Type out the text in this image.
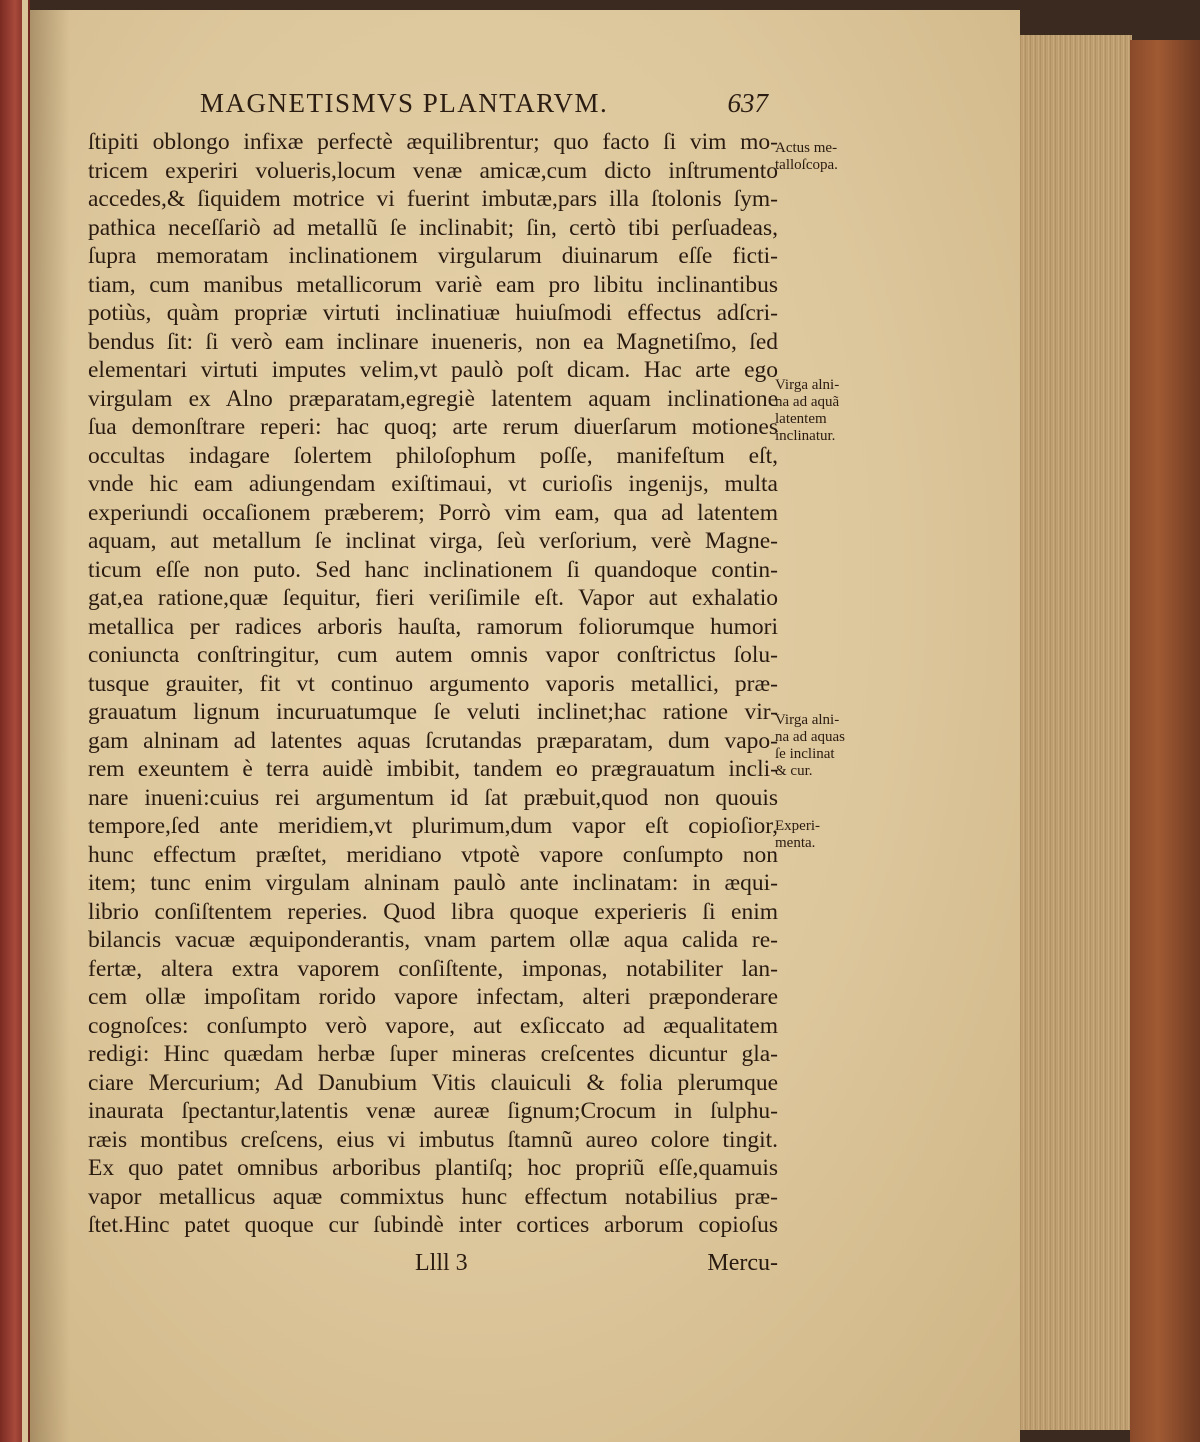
MAGNETISMVS PLANTARVM.	637
ſtipiti oblongo infixæ perfectè æquilibrentur; quo facto ſi vim mo-
tricem experiri volueris,locum venæ amicæ,cum dicto inſtrumento
accedes,& ſiquidem motrice vi fuerint imbutæ,pars illa ſtolonis ſym-
pathica neceſſariò ad metallũ ſe inclinabit; ſin, certò tibi perſuadeas,
ſupra memoratam inclinationem virgularum diuinarum eſſe ficti-
tiam, cum manibus metallicorum variè eam pro libitu inclinantibus
potiùs, quàm propriæ virtuti inclinatiuæ huiuſmodi effectus adſcri-
bendus ſit: ſi verò eam inclinare inueneris, non ea Magnetiſmo, ſed
elementari virtuti imputes velim,vt paulò poſt dicam. Hac arte ego
virgulam ex Alno præparatam,egregiè latentem aquam inclinatione
ſua demonſtrare reperi: hac quoq; arte rerum diuerſarum motiones
occultas indagare ſolertem philoſophum poſſe, manifeſtum eſt,
vnde hic eam adiungendam exiſtimaui, vt curioſis ingenijs, multa
experiundi occaſionem præberem; Porrò vim eam, qua ad latentem
aquam, aut metallum ſe inclinat virga, ſeù verſorium, verè Magne-
ticum eſſe non puto. Sed hanc inclinationem ſi quandoque contin-
gat,ea ratione,quæ ſequitur, fieri veriſimile eſt. Vapor aut exhalatio
metallica per radices arboris hauſta, ramorum foliorumque humori
coniuncta conſtringitur, cum autem omnis vapor conſtrictus ſolu-
tusque grauiter, fit vt continuo argumento vaporis metallici, præ-
grauatum lignum incuruatumque ſe veluti inclinet;hac ratione vir-
gam alninam ad latentes aquas ſcrutandas præparatam, dum vapo-
rem exeuntem è terra auidè imbibit, tandem eo prægrauatum incli-
nare inueni:cuius rei argumentum id ſat præbuit,quod non quouis
tempore,ſed ante meridiem,vt plurimum,dum vapor eſt copioſior,
hunc effectum præſtet, meridiano vtpotè vapore conſumpto non
item; tunc enim virgulam alninam paulò ante inclinatam: in æqui-
librio conſiſtentem reperies. Quod libra quoque experieris ſi enim
bilancis vacuæ æquiponderantis, vnam partem ollæ aqua calida re-
fertæ, altera extra vaporem conſiſtente, imponas, notabiliter lan-
cem ollæ impoſitam rorido vapore infectam, alteri præponderare
cognoſces: conſumpto verò vapore, aut exſiccato ad æqualitatem
redigi: Hinc quædam herbæ ſuper mineras creſcentes dicuntur gla-
ciare Mercurium; Ad Danubium Vitis clauiculi & folia plerumque
inaurata ſpectantur,latentis venæ aureæ ſignum;Crocum in ſulphu-
ræis montibus creſcens, eius vi imbutus ſtamnũ aureo colore tingit.
Ex quo patet omnibus arboribus plantiſq; hoc propriũ eſſe,quamuis
vapor metallicus aquæ commixtus hunc effectum notabilius præ-
ſtet.Hinc patet quoque cur ſubindè inter cortices arborum copioſus
Llll 3	Mercu-
Actus me-
talloſcopa.
Virga alni-
na ad aquã
latentem
inclinatur.
Virga alni-
na ad aquas
ſe inclinat
& cur.
Experi-
menta.
